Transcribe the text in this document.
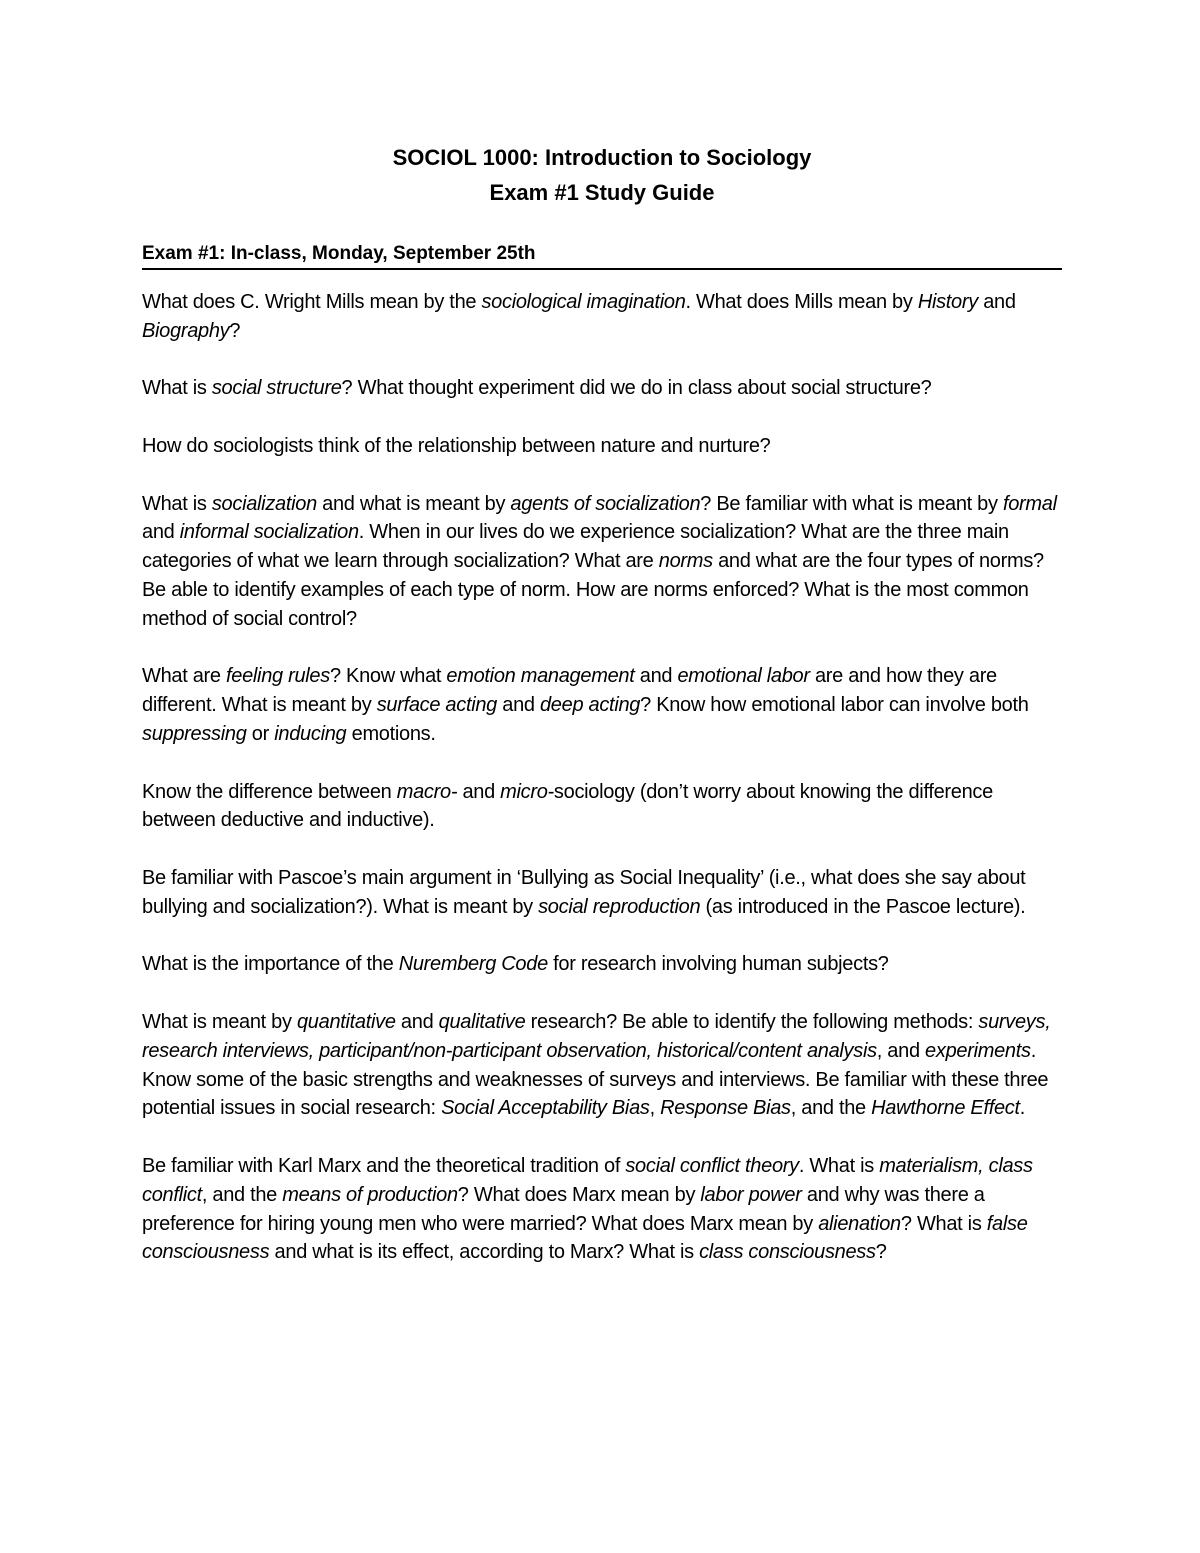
SOCIOL 1000: Introduction to Sociology

Exam #1 Study Guide

Exam #1: In-class, Monday, September 25th

What does C. Wright Mills mean by the sociological imagination. What does Mills mean by History and Biography?

What is social structure? What thought experiment did we do in class about social structure?

How do sociologists think of the relationship between nature and nurture?

What is socialization and what is meant by agents of socialization? Be familiar with what is meant by formal and informal socialization. When in our lives do we experience socialization? What are the three main categories of what we learn through socialization? What are norms and what are the four types of norms? Be able to identify examples of each type of norm. How are norms enforced? What is the most common method of social control?

What are feeling rules? Know what emotion management and emotional labor are and how they are different. What is meant by surface acting and deep acting? Know how emotional labor can involve both suppressing or inducing emotions.

Know the difference between macro- and micro-sociology (don’t worry about knowing the difference between deductive and inductive).

Be familiar with Pascoe’s main argument in ‘Bullying as Social Inequality’ (i.e., what does she say about bullying and socialization?). What is meant by social reproduction (as introduced in the Pascoe lecture).

What is the importance of the Nuremberg Code for research involving human subjects?

What is meant by quantitative and qualitative research? Be able to identify the following methods: surveys, research interviews, participant/non-participant observation, historical/content analysis, and experiments. Know some of the basic strengths and weaknesses of surveys and interviews. Be familiar with these three potential issues in social research: Social Acceptability Bias, Response Bias, and the Hawthorne Effect.

Be familiar with Karl Marx and the theoretical tradition of social conflict theory. What is materialism, class conflict, and the means of production? What does Marx mean by labor power and why was there a preference for hiring young men who were married? What does Marx mean by alienation? What is false consciousness and what is its effect, according to Marx? What is class consciousness?
